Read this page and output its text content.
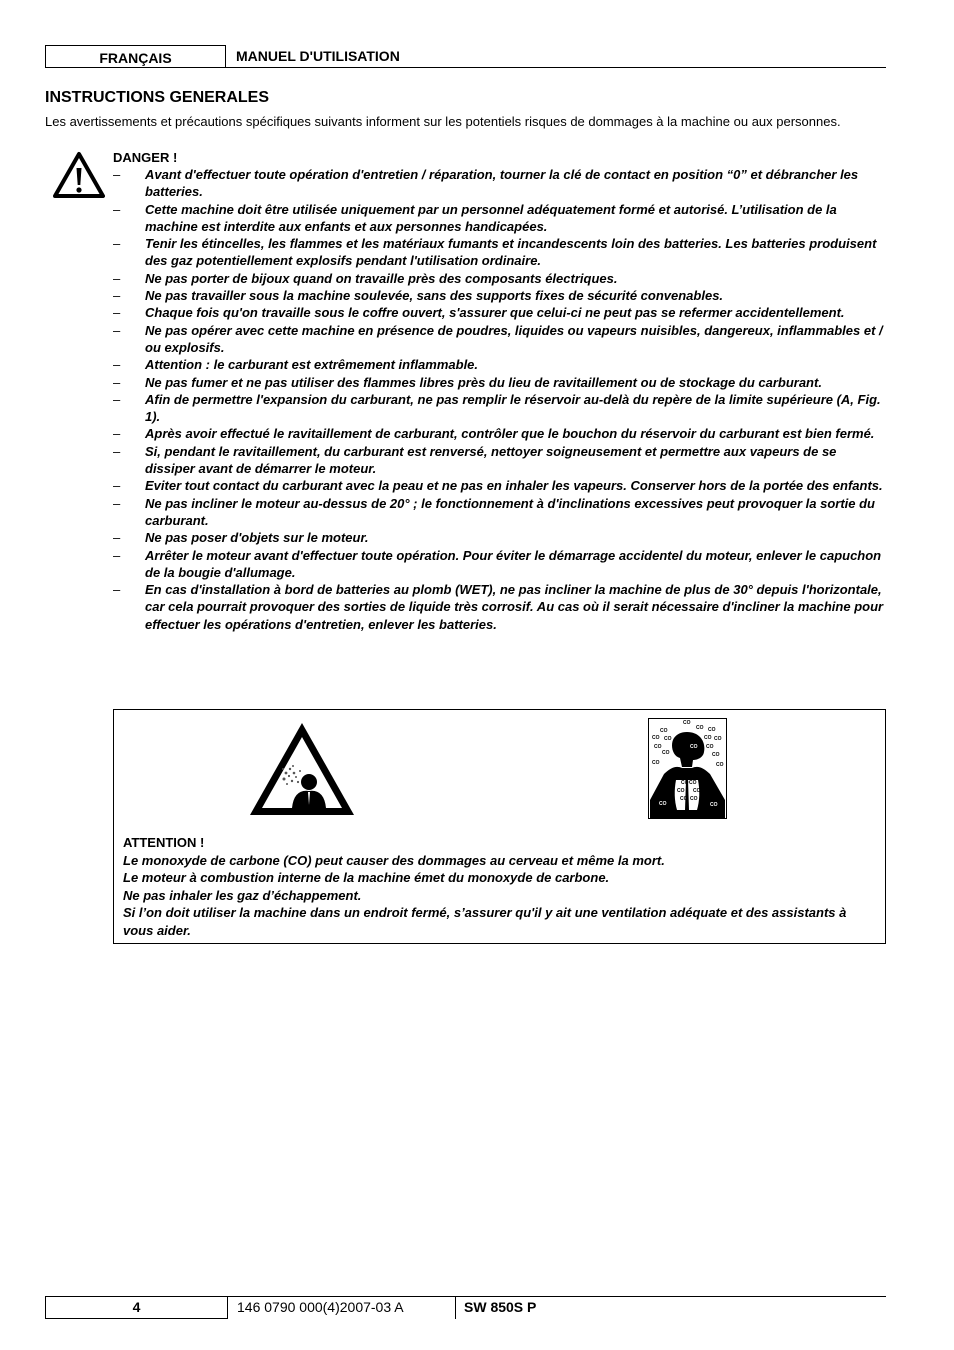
FRANÇAIS	MANUEL D'UTILISATION
INSTRUCTIONS GENERALES
Les avertissements et précautions spécifiques suivants informent sur les potentiels risques de dommages à la machine ou aux personnes.
DANGER !
– Avant d'effectuer toute opération d'entretien / réparation, tourner la clé de contact en position “0” et débrancher les batteries.
– Cette machine doit être utilisée uniquement par un personnel adéquatement formé et autorisé. L’utilisation de la machine est interdite aux enfants et aux personnes handicapées.
– Tenir les étincelles, les flammes et les matériaux fumants et incandescents loin des batteries. Les batteries produisent des gaz potentiellement explosifs pendant l'utilisation ordinaire.
– Ne pas porter de bijoux quand on travaille près des composants électriques.
– Ne pas travailler sous la machine soulevée, sans des supports fixes de sécurité convenables.
– Chaque fois qu'on travaille sous le coffre ouvert, s'assurer que celui-ci ne peut pas se refermer accidentellement.
– Ne pas opérer avec cette machine en présence de poudres, liquides ou vapeurs nuisibles, dangereux, inflammables et / ou explosifs.
– Attention : le carburant est extrêmement inflammable.
– Ne pas fumer et ne pas utiliser des flammes libres près du lieu de ravitaillement ou de stockage du carburant.
– Afin de permettre l'expansion du carburant, ne pas remplir le réservoir au-delà du repère de la limite supérieure (A, Fig. 1).
– Après avoir effectué le ravitaillement de carburant, contrôler que le bouchon du réservoir du carburant est bien fermé.
– Si, pendant le ravitaillement, du carburant est renversé, nettoyer soigneusement et permettre aux vapeurs de se dissiper avant de démarrer le moteur.
– Eviter tout contact du carburant avec la peau et ne pas en inhaler les vapeurs. Conserver hors de la portée des enfants.
– Ne pas incliner le moteur au-dessus de 20° ; le fonctionnement à d'inclinations excessives peut provoquer la sortie du carburant.
– Ne pas poser d'objets sur le moteur.
– Arrêter le moteur avant d'effectuer toute opération. Pour éviter le démarrage accidentel du moteur, enlever le capuchon de la bougie d'allumage.
– En cas d'installation à bord de batteries au plomb (WET), ne pas incliner la machine de plus de 30° depuis l'horizontale, car cela pourrait provoquer des sorties de liquide très corrosif. Au cas où il serait nécessaire d'incliner la machine pour effectuer les opérations d'entretien, enlever les batteries.
CO
CO	CO CO
CO CO	CO CO
CO
CO
CO
CO
CO	CO
CO
CO CO
CO CO
CO CO
CO	CO
ATTENTION !
Le monoxyde de carbone (CO) peut causer des dommages au cerveau et même la mort.
Le moteur à combustion interne de la machine émet du monoxyde de carbone.
Ne pas inhaler les gaz d’échappement.
Si l’on doit utiliser la machine dans un endroit fermé, s’assurer qu'il y ait une ventilation adéquate et des assistants à vous aider.
4	146 0790 000(4)2007-03 A	SW 850S P
